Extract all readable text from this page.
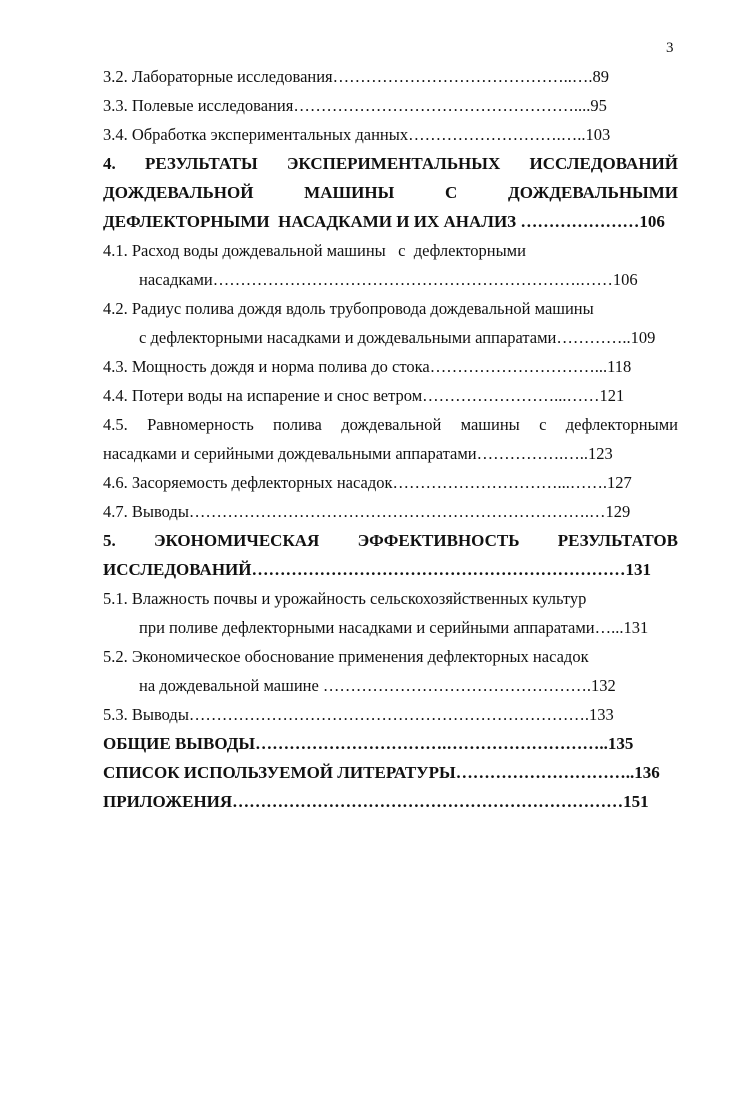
3
3.2. Лабораторные исследования……………………………………..….89
3.3. Полевые исследования……………………………………………....95
3.4. Обработка экспериментальных данных……………………….…..103
4. РЕЗУЛЬТАТЫ ЭКСПЕРИМЕНТАЛЬНЫХ ИССЛЕДОВАНИЙ
ДОЖДЕВАЛЬНОЙ МАШИНЫ С ДОЖДЕВАЛЬНЫМИ
ДЕФЛЕКТОРНЫМИ  НАСАДКАМИ И ИХ АНАЛИЗ …………………106
4.1. Расход воды дождевальной машины   с  дефлекторными
насадками………………………………………………………….……106
4.2. Радиус полива дождя вдоль трубопровода дождевальной машины
с дефлекторными насадками и дождевальными аппаратами…………..109
4.3. Мощность дождя и норма полива до стока…………………………...118
4.4. Потери воды на испарение и снос ветром……………………...……121
4.5. Равномерность полива дождевальной машины с дефлекторными
насадками и серийными дождевальными аппаратами…………….…..123
4.6. Засоряемость дефлекторных насадок…………………………...…….127
4.7. Выводы……………………………………………………………….…129
5. ЭКОНОМИЧЕСКАЯ ЭФФЕКТИВНОСТЬ РЕЗУЛЬТАТОВ
ИССЛЕДОВАНИЙ…………………………………………………………131
5.1. Влажность почвы и урожайность сельскохозяйственных культур
при поливе дефлекторными насадками и серийными аппаратами…...131
5.2. Экономическое обоснование применения дефлекторных насадок
на дождевальной машине ………………………………………….132
5.3. Выводы……………………………………………………………….133
ОБЩИЕ ВЫВОДЫ…………………………….………………………..135
СПИСОК ИСПОЛЬЗУЕМОЙ ЛИТЕРАТУРЫ…………………………..136
ПРИЛОЖЕНИЯ……………………………………………………………151
